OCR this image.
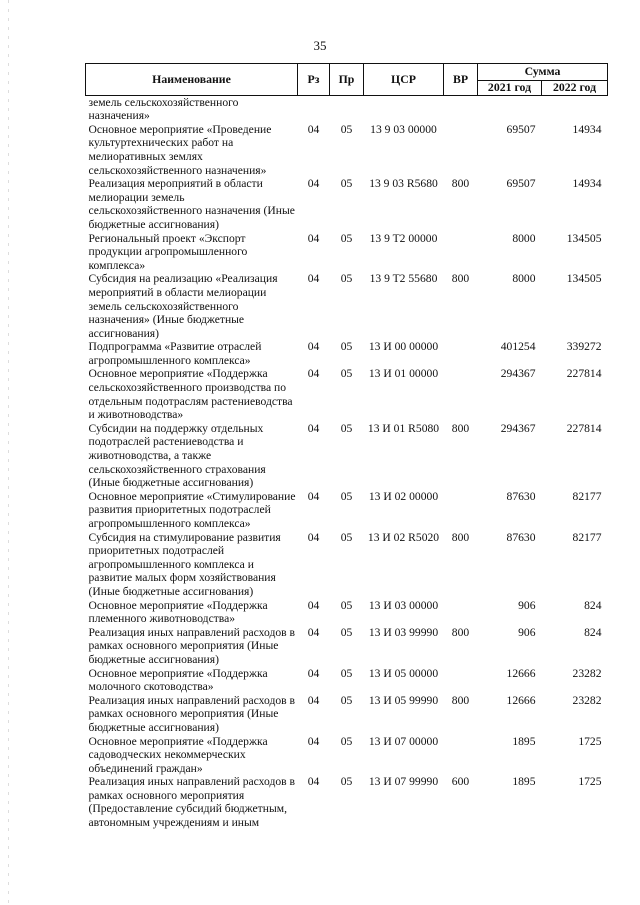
35
Наименование	Рз	Пр	ЦСР	ВР	Сумма	
					2021 год	2022 год
земель сельскохозяйственного назначения»						
Основное мероприятие «Проведение культуртехнических работ на мелиоративных землях сельскохозяйственного назначения»	04	05	13 9 03 00000		69507	14934
Реализация мероприятий в области мелиорации земель сельскохозяйственного назначения (Иные бюджетные ассигнования)	04	05	13 9 03 R5680	800	69507	14934
Региональный проект «Экспорт продукции агропромышленного комплекса»	04	05	13 9 T2 00000		8000	134505
Субсидия на реализацию «Реализация мероприятий в области мелиорации земель сельскохозяйственного назначения» (Иные бюджетные ассигнования)	04	05	13 9 T2 55680	800	8000	134505
Подпрограмма «Развитие отраслей агропромышленного комплекса»	04	05	13 И 00 00000		401254	339272
Основное мероприятие «Поддержка сельскохозяйственного производства по отдельным подотраслям растениеводства и животноводства»	04	05	13 И 01 00000		294367	227814
Субсидии на поддержку отдельных подотраслей растениеводства и животноводства, а также сельскохозяйственного страхования (Иные бюджетные ассигнования)	04	05	13 И 01 R5080	800	294367	227814
Основное мероприятие «Стимулирование развития приоритетных подотраслей агропромышленного комплекса»	04	05	13 И 02 00000		87630	82177
Субсидия на стимулирование развития приоритетных подотраслей агропромышленного комплекса и развитие малых форм хозяйствования (Иные бюджетные ассигнования)	04	05	13 И 02 R5020	800	87630	82177
Основное мероприятие «Поддержка племенного животноводства»	04	05	13 И 03 00000		906	824
Реализация иных направлений расходов в рамках основного мероприятия (Иные бюджетные ассигнования)	04	05	13 И 03 99990	800	906	824
Основное мероприятие «Поддержка молочного скотоводства»	04	05	13 И 05 00000		12666	23282
Реализация иных направлений расходов в рамках основного мероприятия (Иные бюджетные ассигнования)	04	05	13 И 05 99990	800	12666	23282
Основное мероприятие «Поддержка садоводческих некоммерческих объединений граждан»	04	05	13 И 07 00000		1895	1725
Реализация иных направлений расходов в рамках основного мероприятия (Предоставление субсидий бюджетным, автономным учреждениям и иным	04	05	13 И 07 99990	600	1895	1725
